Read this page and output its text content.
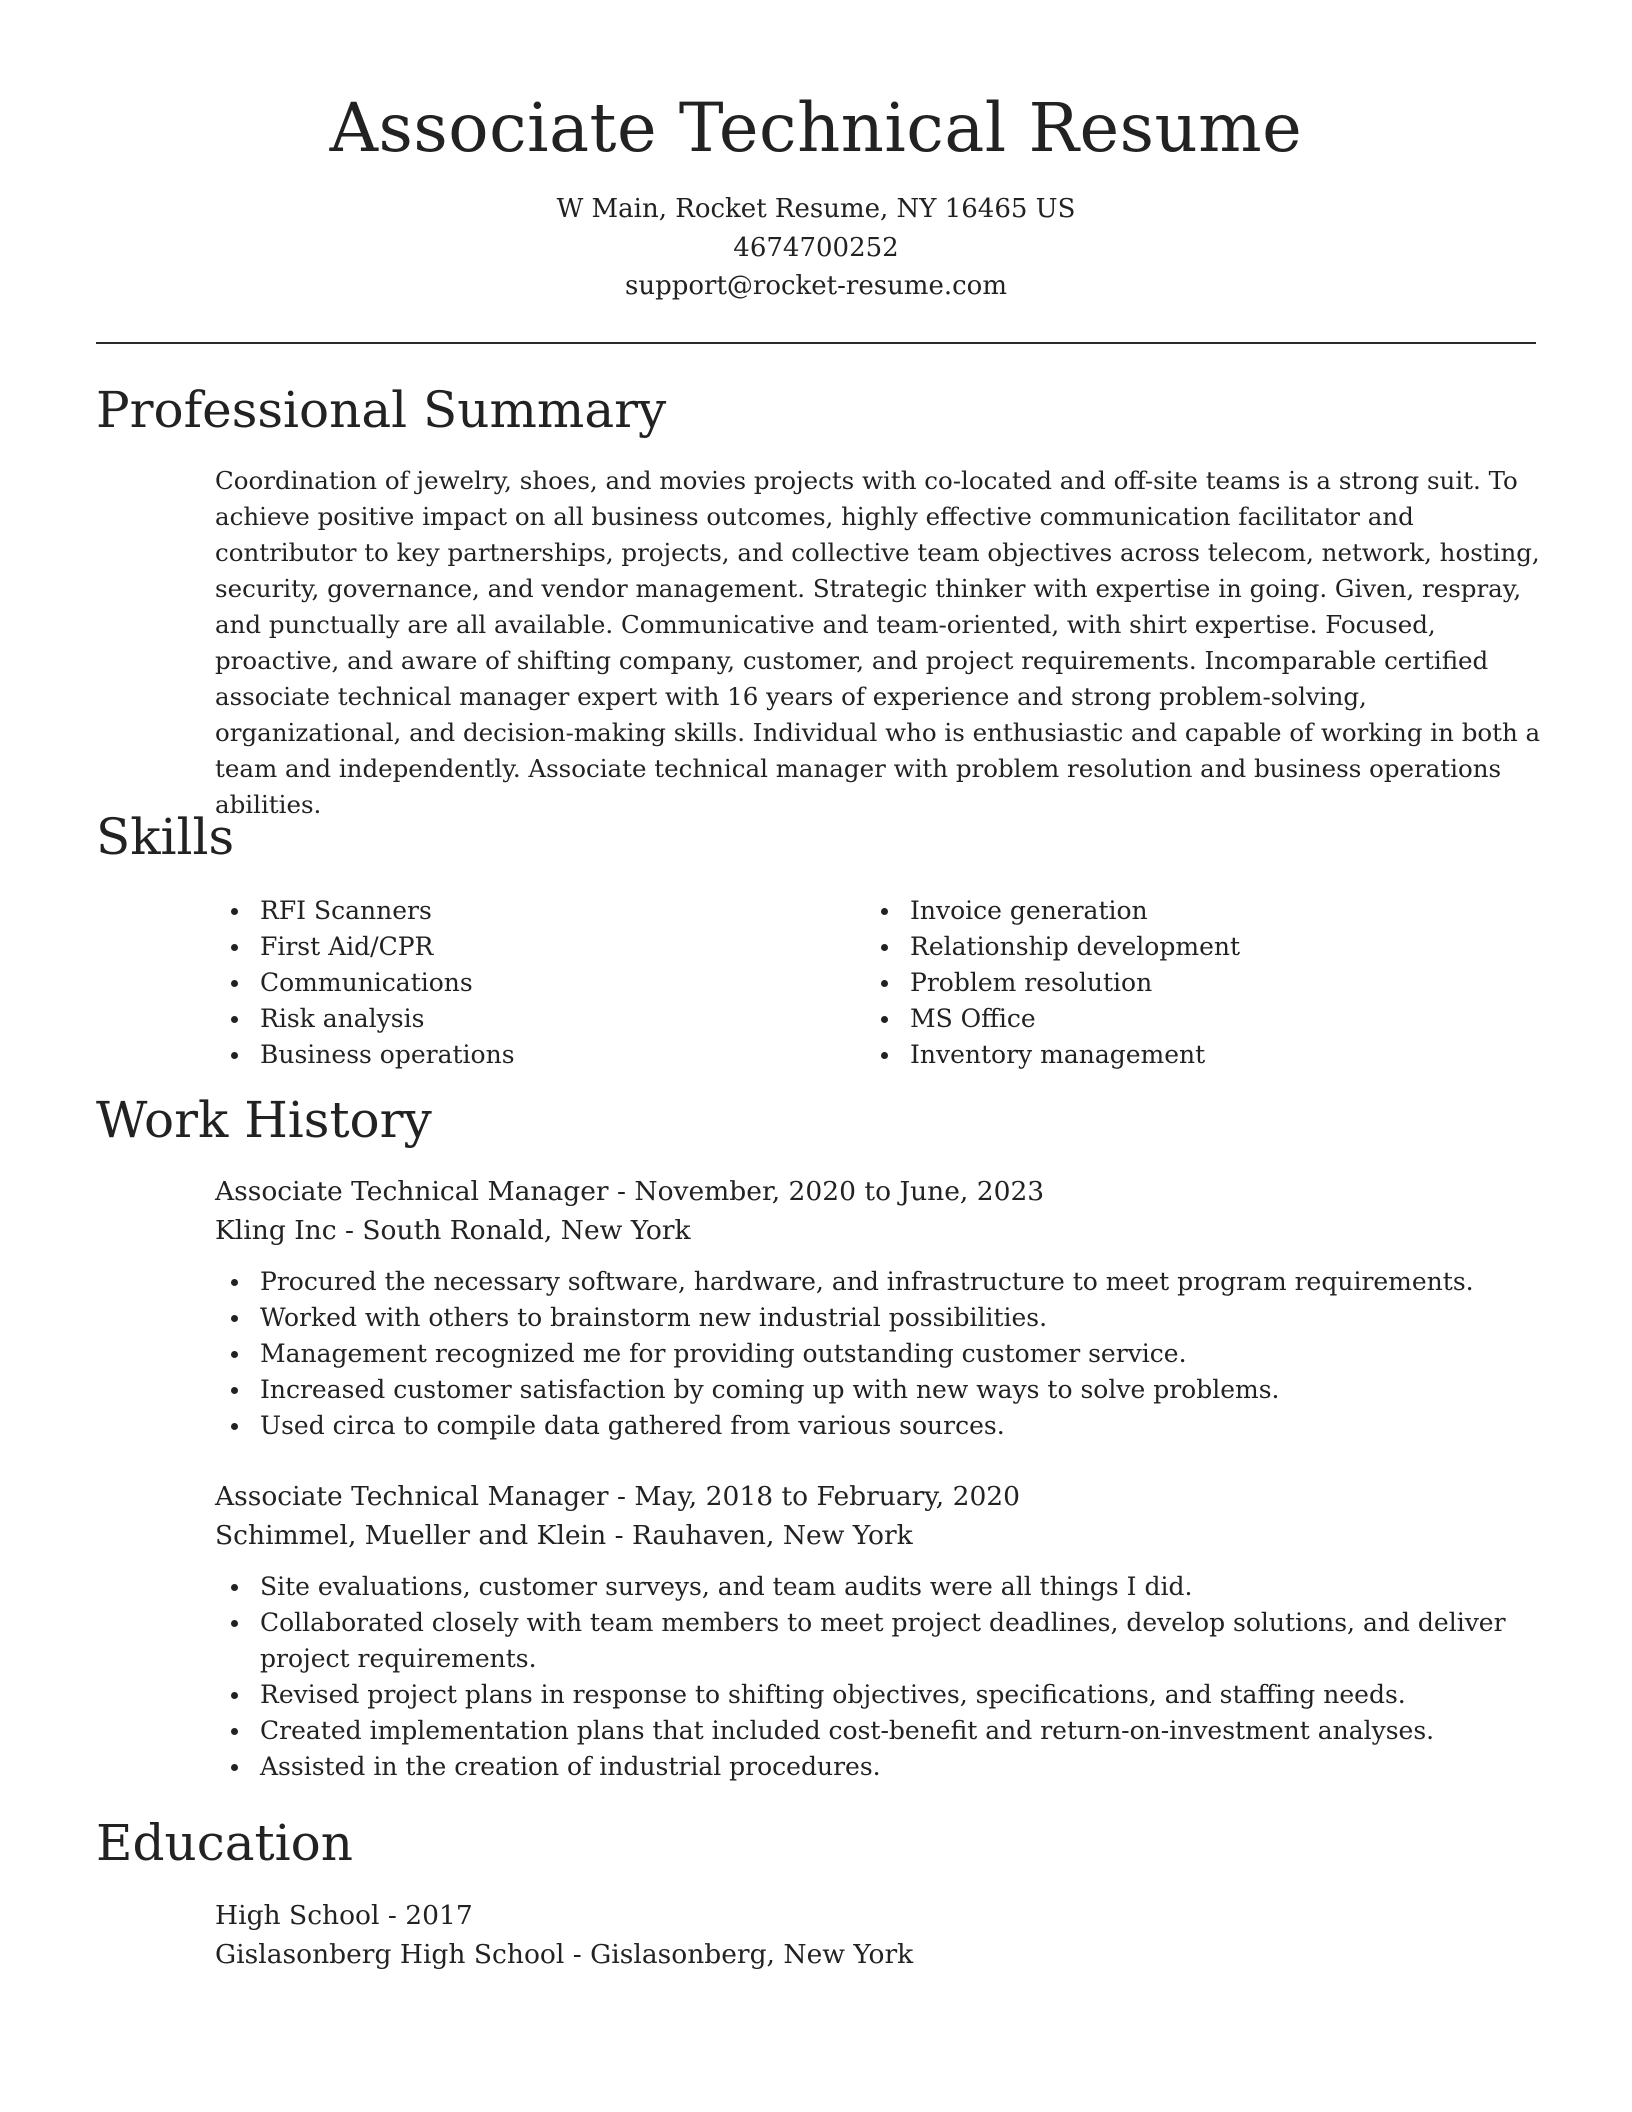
Associate Technical Resume
W Main, Rocket Resume, NY 16465 US
4674700252
support@rocket-resume.com
Professional Summary

Coordination of jewelry, shoes, and movies projects with co-located and off-site teams is a strong suit. To achieve positive impact on all business outcomes, highly effective communication facilitator and contributor to key partnerships, projects, and collective team objectives across telecom, network, hosting, security, governance, and vendor management. Strategic thinker with expertise in going. Given, respray, and punctually are all available. Communicative and team-oriented, with shirt expertise. Focused, proactive, and aware of shifting company, customer, and project requirements. Incomparable certified associate technical manager expert with 16 years of experience and strong problem-solving, organizational, and decision-making skills. Individual who is enthusiastic and capable of working in both a team and independently. Associate technical manager with problem resolution and business operations abilities.

Skills
RFI Scanners
First Aid/CPR
Communications
Risk analysis
Business operations
Invoice generation
Relationship development
Problem resolution
MS Office
Inventory management
Work History
Associate Technical Manager - November, 2020 to June, 2023
Kling Inc - South Ronald, New York
Procured the necessary software, hardware, and infrastructure to meet program requirements.
Worked with others to brainstorm new industrial possibilities.
Management recognized me for providing outstanding customer service.
Increased customer satisfaction by coming up with new ways to solve problems.
Used circa to compile data gathered from various sources.
Associate Technical Manager - May, 2018 to February, 2020
Schimmel, Mueller and Klein - Rauhaven, New York
Site evaluations, customer surveys, and team audits were all things I did.
Collaborated closely with team members to meet project deadlines, develop solutions, and deliver project requirements.
Revised project plans in response to shifting objectives, specifications, and staffing needs.
Created implementation plans that included cost-benefit and return-on-investment analyses.
Assisted in the creation of industrial procedures.
Education
High School - 2017
Gislasonberg High School - Gislasonberg, New York
